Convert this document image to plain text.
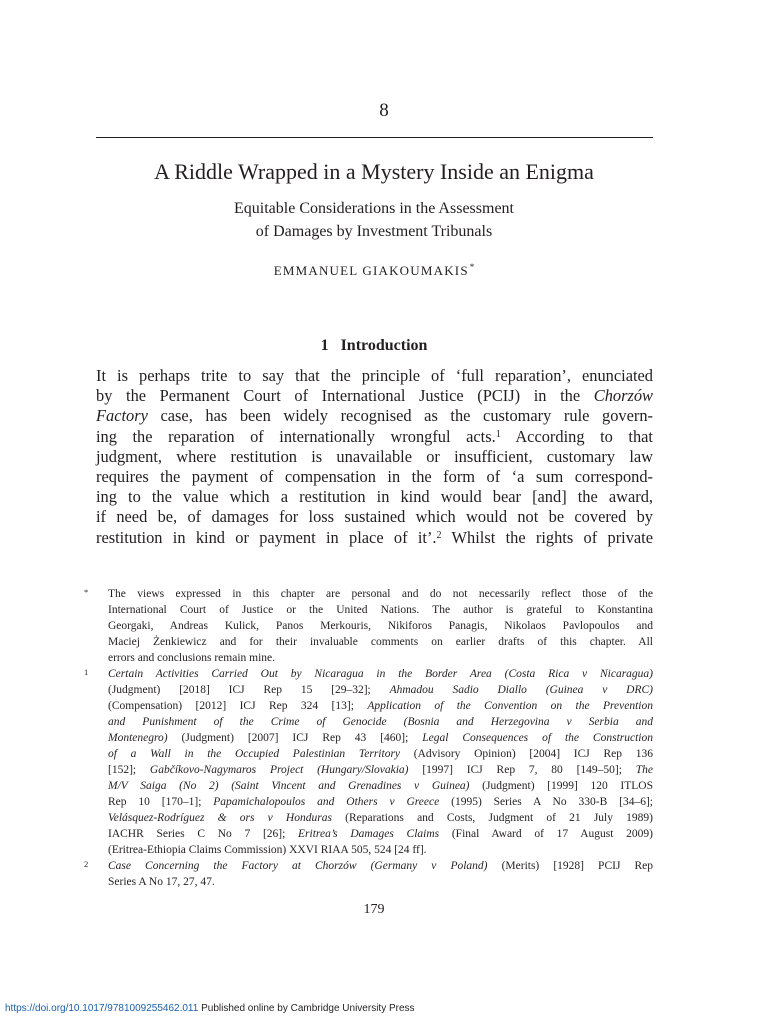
8
A Riddle Wrapped in a Mystery Inside an Enigma
Equitable Considerations in the Assessment
of Damages by Investment Tribunals
EMMANUEL GIAKOUMAKIS*
1 Introduction
It is perhaps trite to say that the principle of ‘full reparation’, enunciated
by the Permanent Court of International Justice (PCIJ) in the Chorzów
Factory case, has been widely recognised as the customary rule govern-
ing the reparation of internationally wrongful acts.$^1$ According to that
judgment, where restitution is unavailable or insufficient, customary law
requires the payment of compensation in the form of ‘a sum correspond-
ing to the value which a restitution in kind would bear [and] the award,
if need be, of damages for loss sustained which would not be covered by
restitution in kind or payment in place of it’.$^2$ Whilst the rights of private
* The views expressed in this chapter are personal and do not necessarily reflect those of the
International Court of Justice or the United Nations. The author is grateful to Konstantina
Georgaki, Andreas Kulick, Panos Merkouris, Nikiforos Panagis, Nikolaos Pavlopoulos and
Maciej Żenkiewicz and for their invaluable comments on earlier drafts of this chapter. All
errors and conclusions remain mine.
1 Certain Activities Carried Out by Nicaragua in the Border Area (Costa Rica v Nicaragua)
(Judgment) [2018] ICJ Rep 15 [29–32]; Ahmadou Sadio Diallo (Guinea v DRC)
(Compensation) [2012] ICJ Rep 324 [13]; Application of the Convention on the Prevention
and Punishment of the Crime of Genocide (Bosnia and Herzegovina v Serbia and
Montenegro) (Judgment) [2007] ICJ Rep 43 [460]; Legal Consequences of the Construction
of a Wall in the Occupied Palestinian Territory (Advisory Opinion) [2004] ICJ Rep 136
[152]; Gabčíkovo-Nagymaros Project (Hungary/Slovakia) [1997] ICJ Rep 7, 80 [149–50]; The
M/V Saiga (No 2) (Saint Vincent and Grenadines v Guinea) (Judgment) [1999] 120 ITLOS
Rep 10 [170–1]; Papamichalopoulos and Others v Greece (1995) Series A No 330-B [34–6];
Velásquez-Rodríguez & ors v Honduras (Reparations and Costs, Judgment of 21 July 1989)
IACHR Series C No 7 [26]; Eritrea’s Damages Claims (Final Award of 17 August 2009)
(Eritrea-Ethiopia Claims Commission) XXVI RIAA 505, 524 [24 ff].
2 Case Concerning the Factory at Chorzów (Germany v Poland) (Merits) [1928] PCIJ Rep
Series A No 17, 27, 47.
179
https://doi.org/10.1017/9781009255462.011 Published online by Cambridge University Press
